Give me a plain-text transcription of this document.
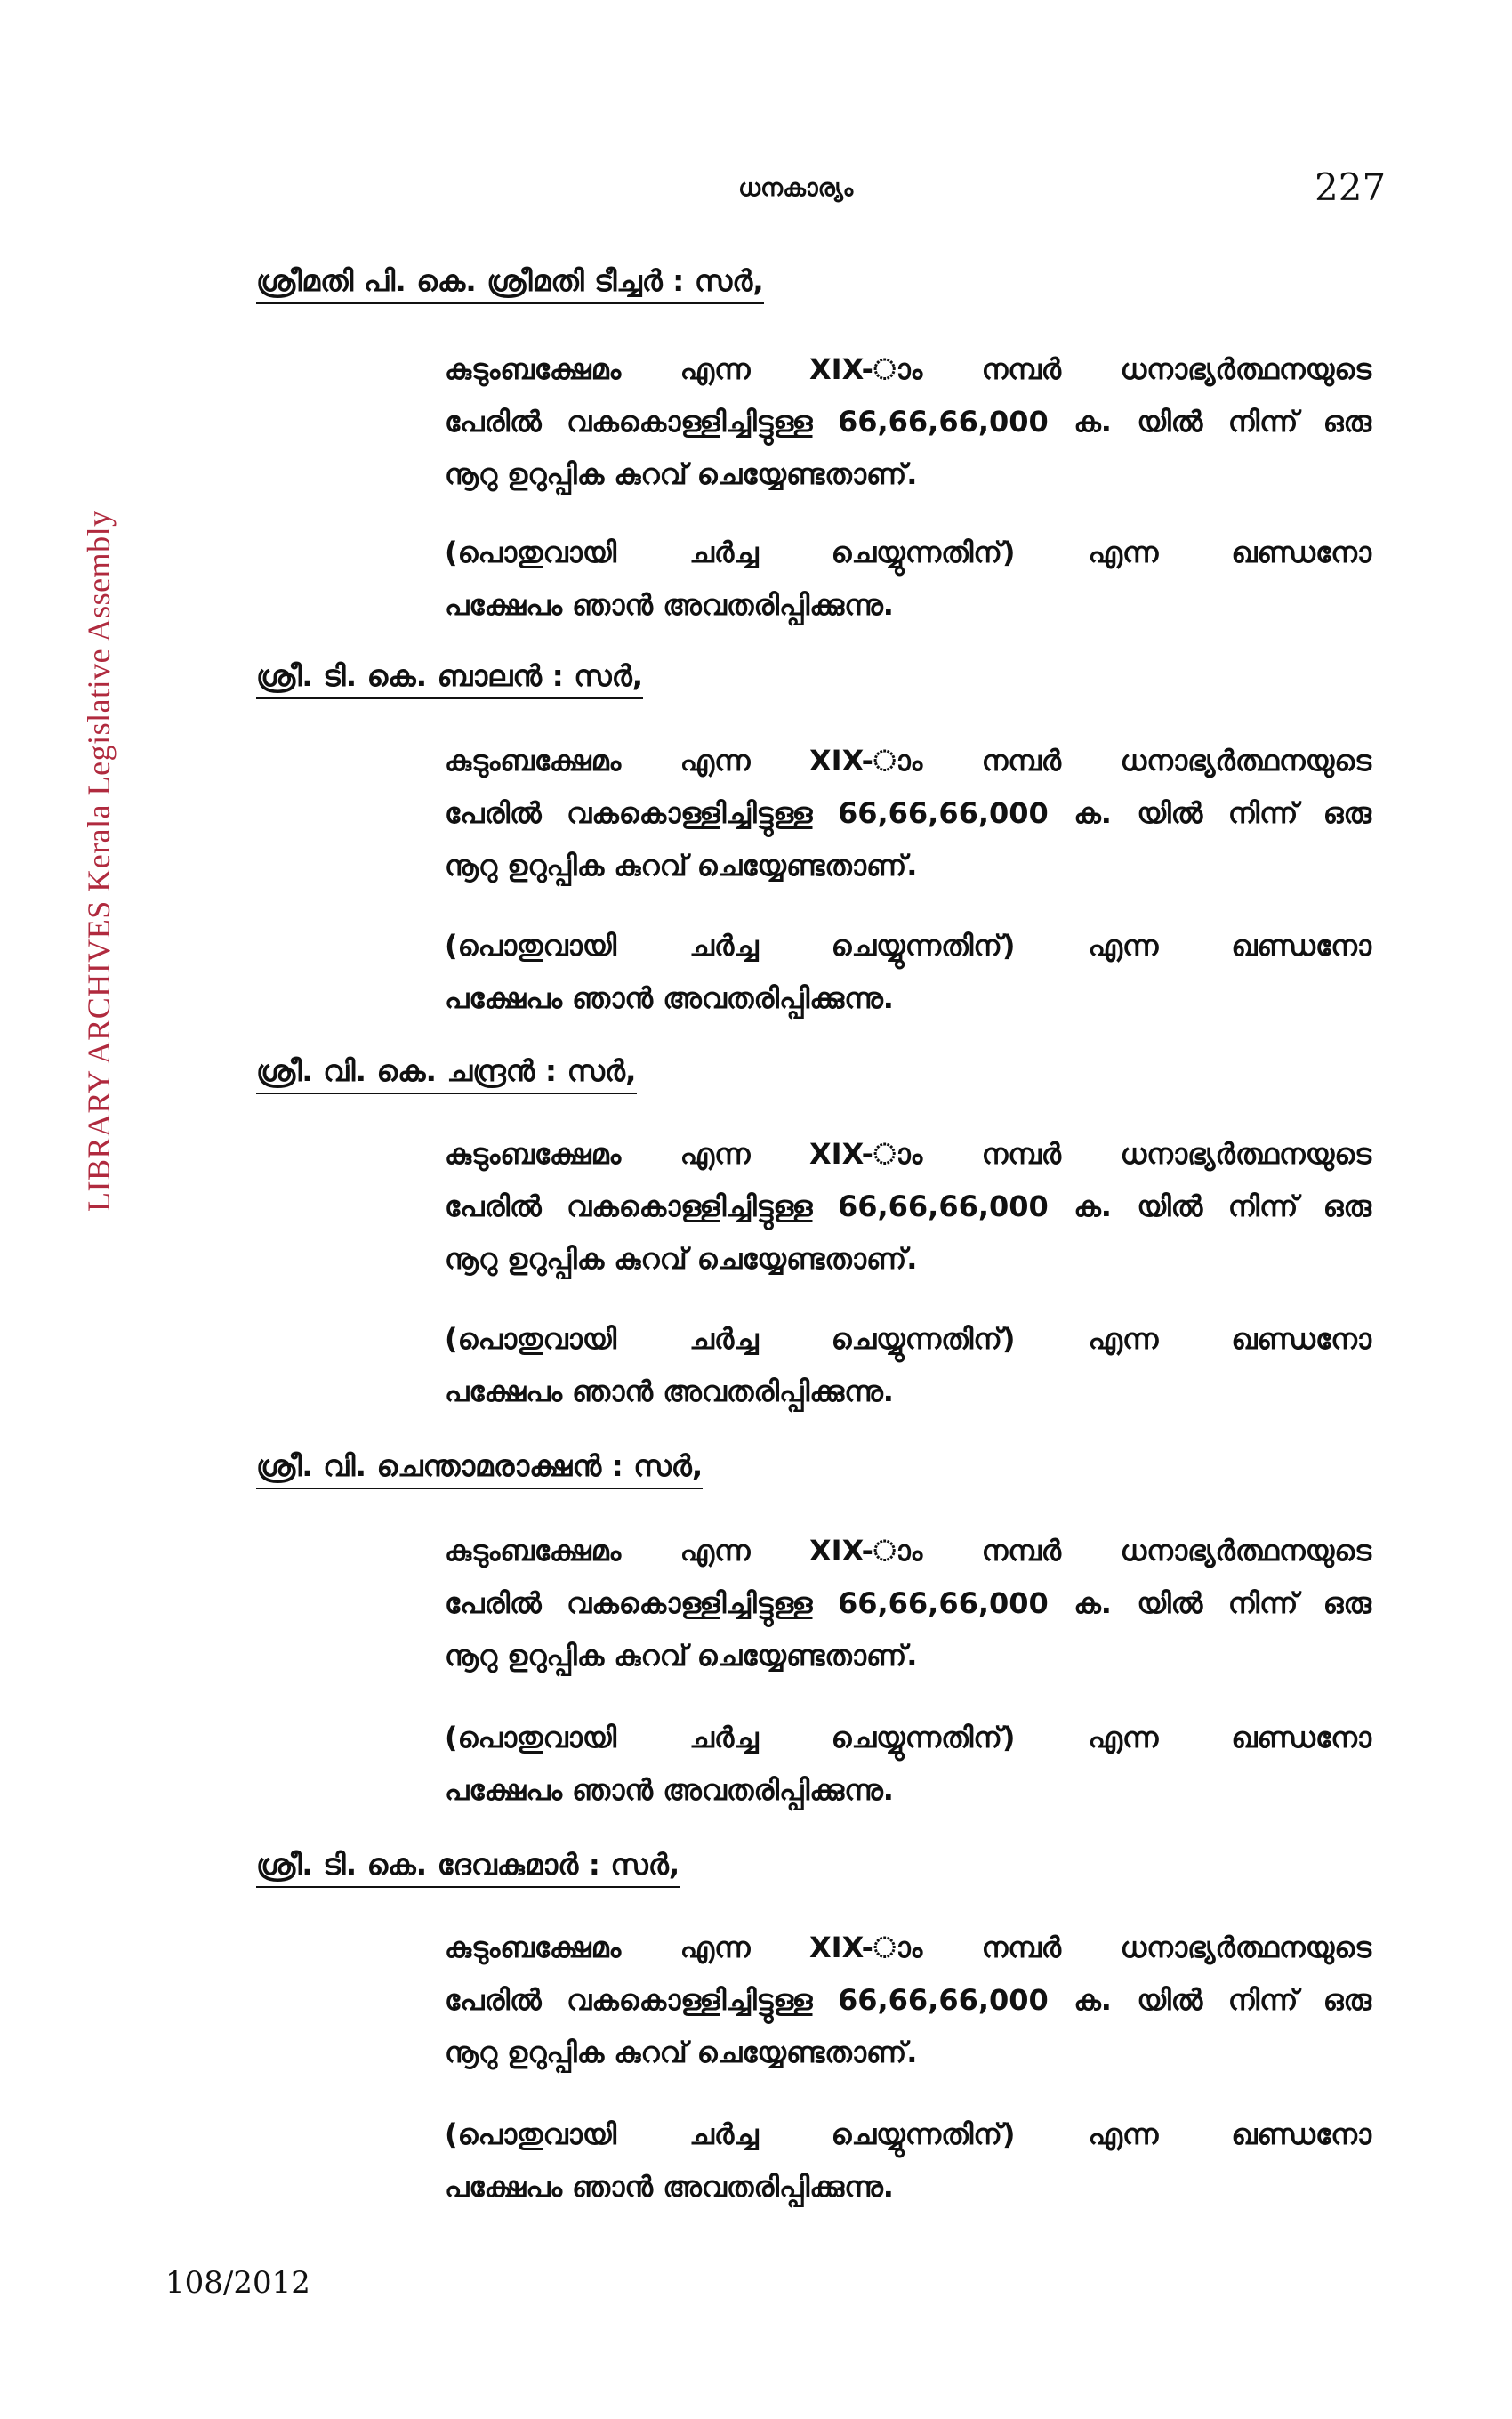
ധനകാര്യം	227
LIBRARY ARCHIVES Kerala Legislative Assembly
ശ്രീമതി പി. കെ. ശ്രീമതി ടീച്ചർ : സർ,
കുടുംബക്ഷേമം എന്ന XIX-ാം നമ്പർ ധനാഭ്യർത്ഥനയുടെ
പേരിൽ വകകൊള്ളിച്ചിട്ടുള്ള 66,66,66,000 ക. യിൽ നിന്ന് ഒരു
നൂറു ഉറുപ്പിക കുറവ് ചെയ്യേണ്ടതാണ്.
(പൊതുവായി	ചർച്ച	ചെയ്യുന്നതിന്)	എന്ന	ഖണ്ഡനോ
പക്ഷേപം ഞാൻ അവതരിപ്പിക്കുന്നു.
ശ്രീ. ടി. കെ. ബാലൻ : സർ,
കുടുംബക്ഷേമം എന്ന XIX-ാം നമ്പർ ധനാഭ്യർത്ഥനയുടെ
പേരിൽ വകകൊള്ളിച്ചിട്ടുള്ള 66,66,66,000 ക. യിൽ നിന്ന് ഒരു
നൂറു ഉറുപ്പിക കുറവ് ചെയ്യേണ്ടതാണ്.
(പൊതുവായി	ചർച്ച	ചെയ്യുന്നതിന്)	എന്ന	ഖണ്ഡനോ
പക്ഷേപം ഞാൻ അവതരിപ്പിക്കുന്നു.
ശ്രീ. വി. കെ. ചന്ദ്രൻ : സർ,
കുടുംബക്ഷേമം എന്ന XIX-ാം നമ്പർ ധനാഭ്യർത്ഥനയുടെ
പേരിൽ വകകൊള്ളിച്ചിട്ടുള്ള 66,66,66,000 ക. യിൽ നിന്ന് ഒരു
നൂറു ഉറുപ്പിക കുറവ് ചെയ്യേണ്ടതാണ്.
(പൊതുവായി	ചർച്ച	ചെയ്യുന്നതിന്)	എന്ന	ഖണ്ഡനോ
പക്ഷേപം ഞാൻ അവതരിപ്പിക്കുന്നു.
ശ്രീ. വി. ചെന്താമരാക്ഷൻ : സർ,
കുടുംബക്ഷേമം എന്ന XIX-ാം നമ്പർ ധനാഭ്യർത്ഥനയുടെ
പേരിൽ വകകൊള്ളിച്ചിട്ടുള്ള 66,66,66,000 ക. യിൽ നിന്ന് ഒരു
നൂറു ഉറുപ്പിക കുറവ് ചെയ്യേണ്ടതാണ്.
(പൊതുവായി	ചർച്ച	ചെയ്യുന്നതിന്)	എന്ന	ഖണ്ഡനോ
പക്ഷേപം ഞാൻ അവതരിപ്പിക്കുന്നു.
ശ്രീ. ടി. കെ. ദേവകുമാർ : സർ,
കുടുംബക്ഷേമം എന്ന XIX-ാം നമ്പർ ധനാഭ്യർത്ഥനയുടെ
പേരിൽ വകകൊള്ളിച്ചിട്ടുള്ള 66,66,66,000 ക. യിൽ നിന്ന് ഒരു
നൂറു ഉറുപ്പിക കുറവ് ചെയ്യേണ്ടതാണ്.
(പൊതുവായി	ചർച്ച	ചെയ്യുന്നതിന്)	എന്ന	ഖണ്ഡനോ
പക്ഷേപം ഞാൻ അവതരിപ്പിക്കുന്നു.
108/2012
